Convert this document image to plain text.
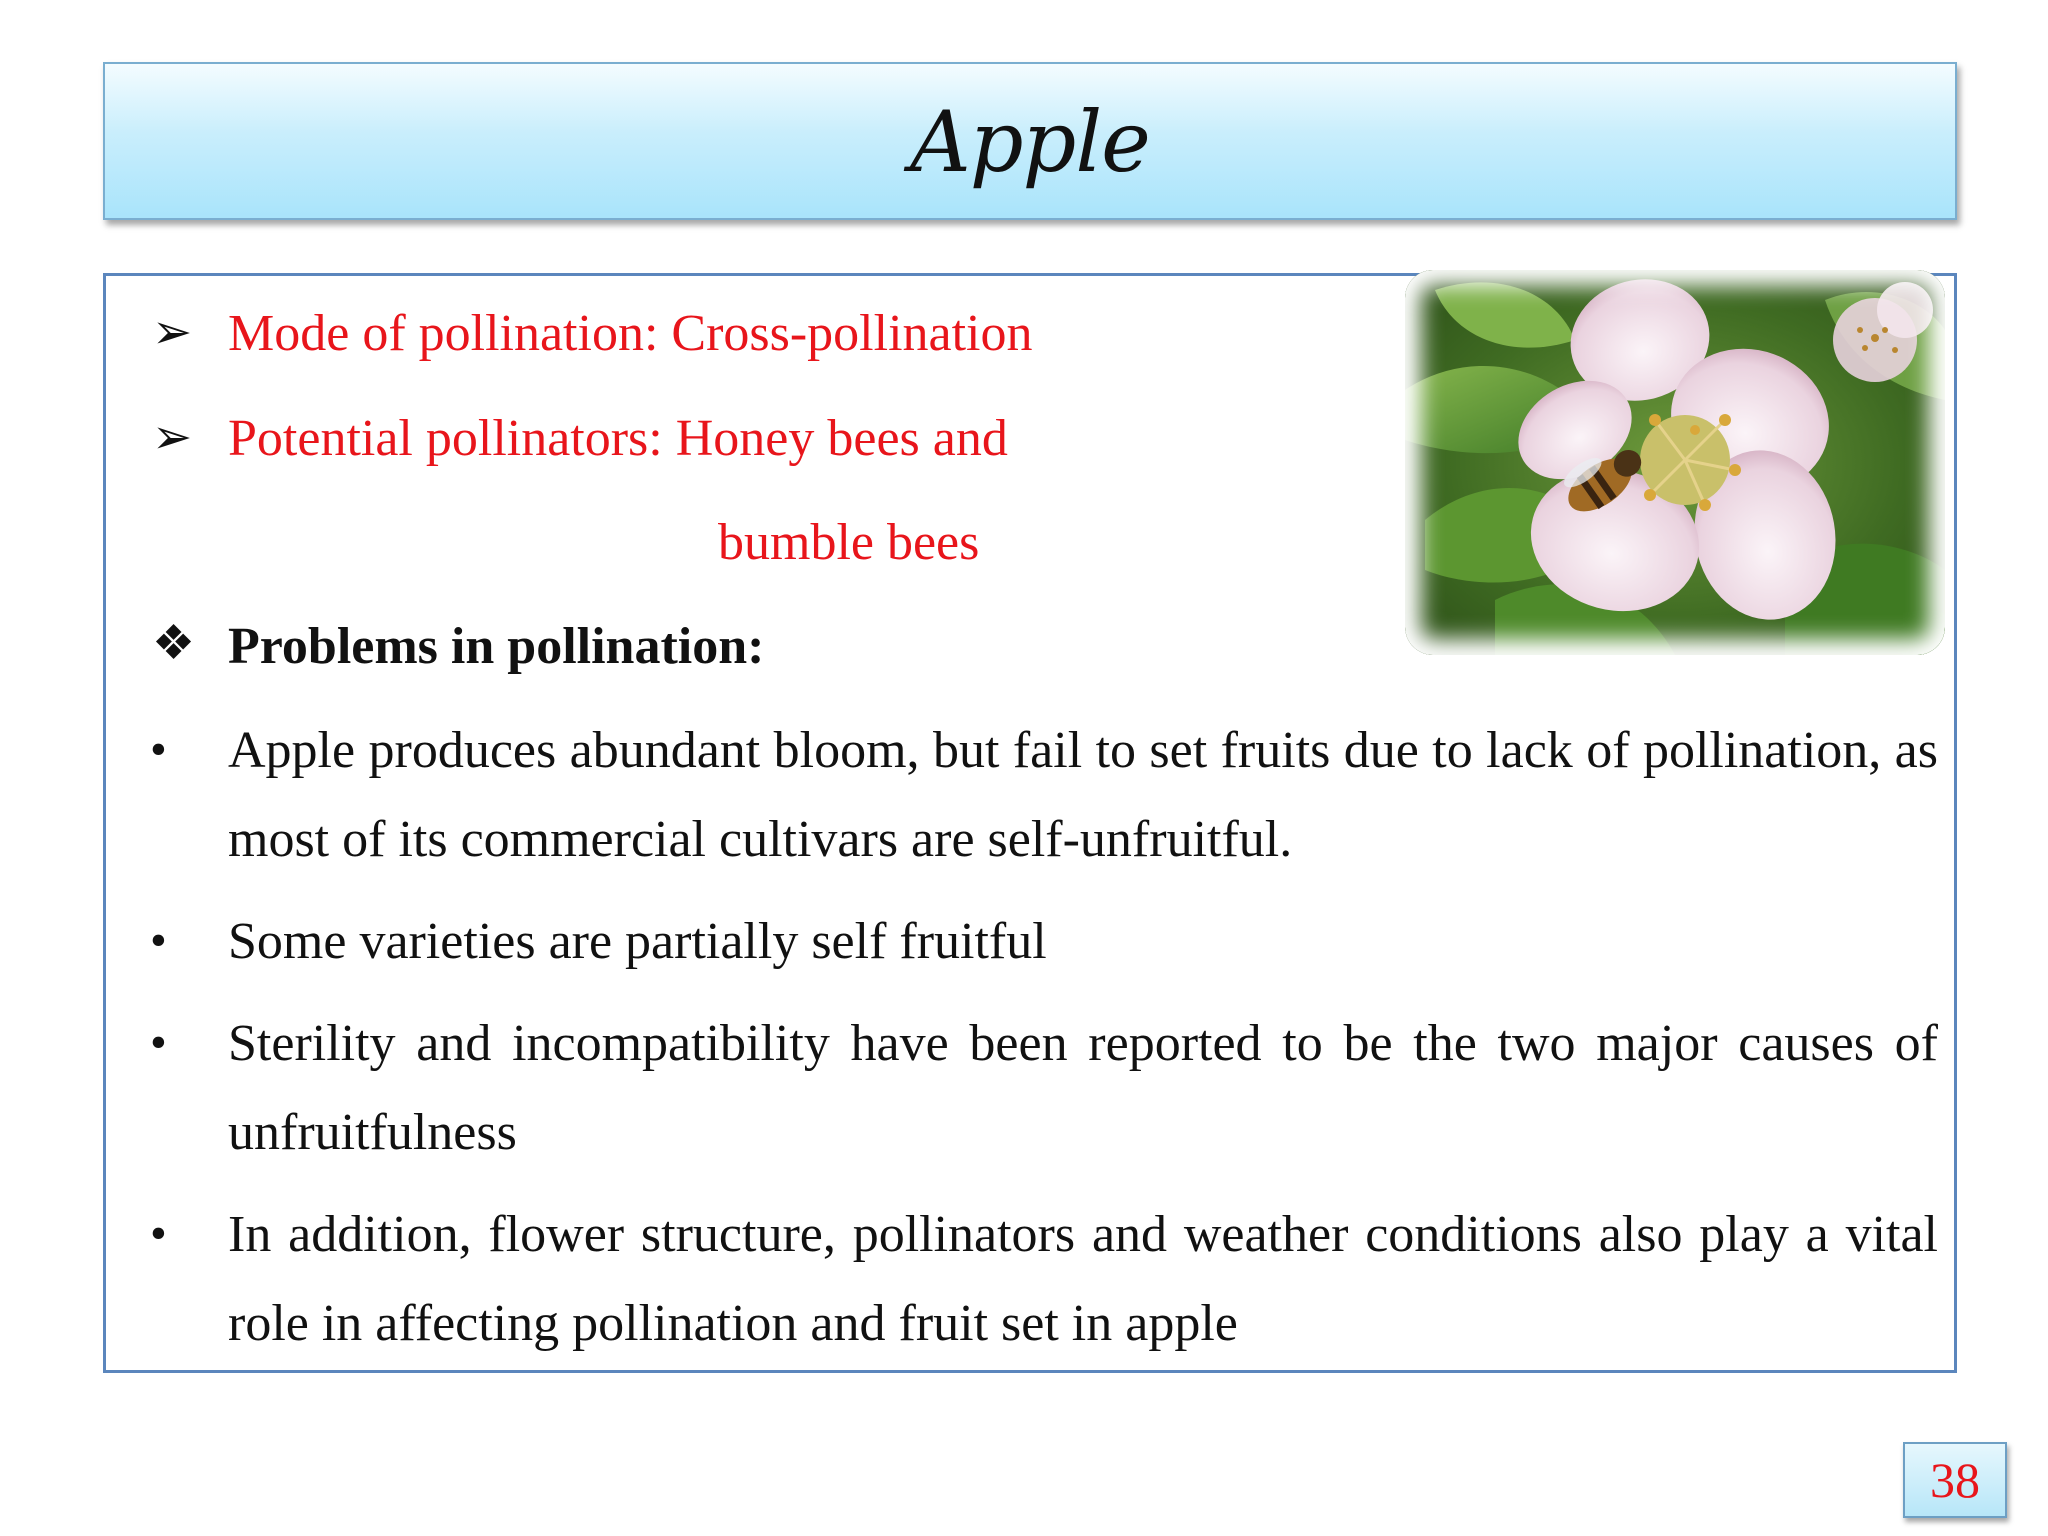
Apple
➢ Mode of pollination: Cross-pollination
➢ Potential pollinators: Honey bees and
bumble bees
❖ Problems in pollination:
• Apple produces abundant bloom, but fail to set fruits due to lack of pollination, as most of its commercial cultivars are self-unfruitful.
• Some varieties are partially self fruitful
• Sterility and incompatibility have been reported to be the two major causes of unfruitfulness
• In addition, flower structure, pollinators and weather conditions also play a vital role in affecting pollination and fruit set in apple
38
